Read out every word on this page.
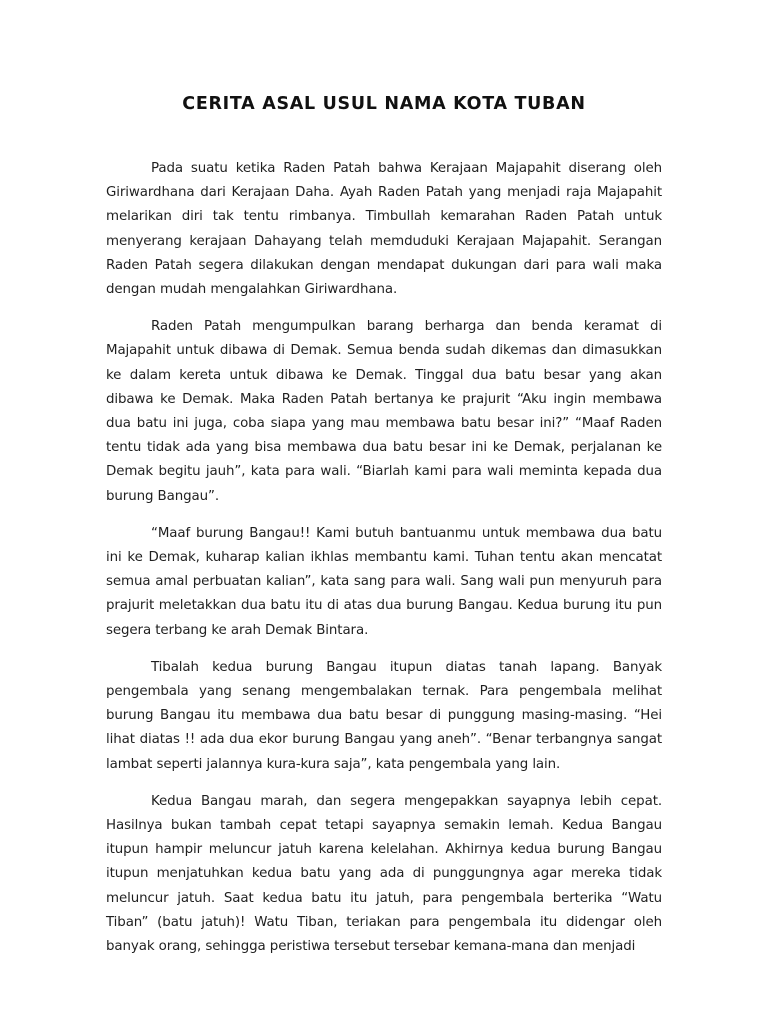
CERITA ASAL USUL NAMA KOTA TUBAN

Pada suatu ketika Raden Patah bahwa Kerajaan Majapahit diserang oleh Giriwardhana dari Kerajaan Daha. Ayah Raden Patah yang menjadi raja Majapahit melarikan diri tak tentu rimbanya. Timbullah kemarahan Raden Patah untuk menyerang kerajaan Dahayang telah memduduki Kerajaan Majapahit. Serangan Raden Patah segera dilakukan dengan mendapat dukungan dari para wali maka dengan mudah mengalahkan Giriwardhana.

Raden Patah mengumpulkan barang berharga dan benda keramat di Majapahit untuk dibawa di Demak. Semua benda sudah dikemas dan dimasukkan ke dalam kereta untuk dibawa ke Demak. Tinggal dua batu besar yang akan dibawa ke Demak. Maka Raden Patah bertanya ke prajurit “Aku ingin membawa dua batu ini juga, coba siapa yang mau membawa batu besar ini?” “Maaf Raden tentu tidak ada yang bisa membawa dua batu besar ini ke Demak, perjalanan ke Demak begitu jauh”, kata para wali. “Biarlah kami para wali meminta kepada dua burung Bangau”.

“Maaf burung Bangau!! Kami butuh bantuanmu untuk membawa dua batu ini ke Demak, kuharap kalian ikhlas membantu kami. Tuhan tentu akan mencatat semua amal perbuatan kalian”, kata sang para wali. Sang wali pun menyuruh para prajurit meletakkan dua batu itu di atas dua burung Bangau. Kedua burung itu pun segera terbang ke arah Demak Bintara.

Tibalah kedua burung Bangau itupun diatas tanah lapang. Banyak pengembala yang senang mengembalakan ternak. Para pengembala melihat burung Bangau itu membawa dua batu besar di punggung masing-masing. “Hei lihat diatas !! ada dua ekor burung Bangau yang aneh”. “Benar terbangnya sangat lambat seperti jalannya kura-kura saja”, kata pengembala yang lain.

Kedua Bangau marah, dan segera mengepakkan sayapnya lebih cepat. Hasilnya bukan tambah cepat tetapi sayapnya semakin lemah. Kedua Bangau itupun hampir meluncur jatuh karena kelelahan. Akhirnya kedua burung Bangau itupun menjatuhkan kedua batu yang ada di punggungnya agar mereka tidak meluncur jatuh. Saat kedua batu itu jatuh, para pengembala berterika “Watu Tiban” (batu jatuh)! Watu Tiban, teriakan para pengembala itu didengar oleh banyak orang, sehingga peristiwa tersebut tersebar kemana-mana dan menjadi
